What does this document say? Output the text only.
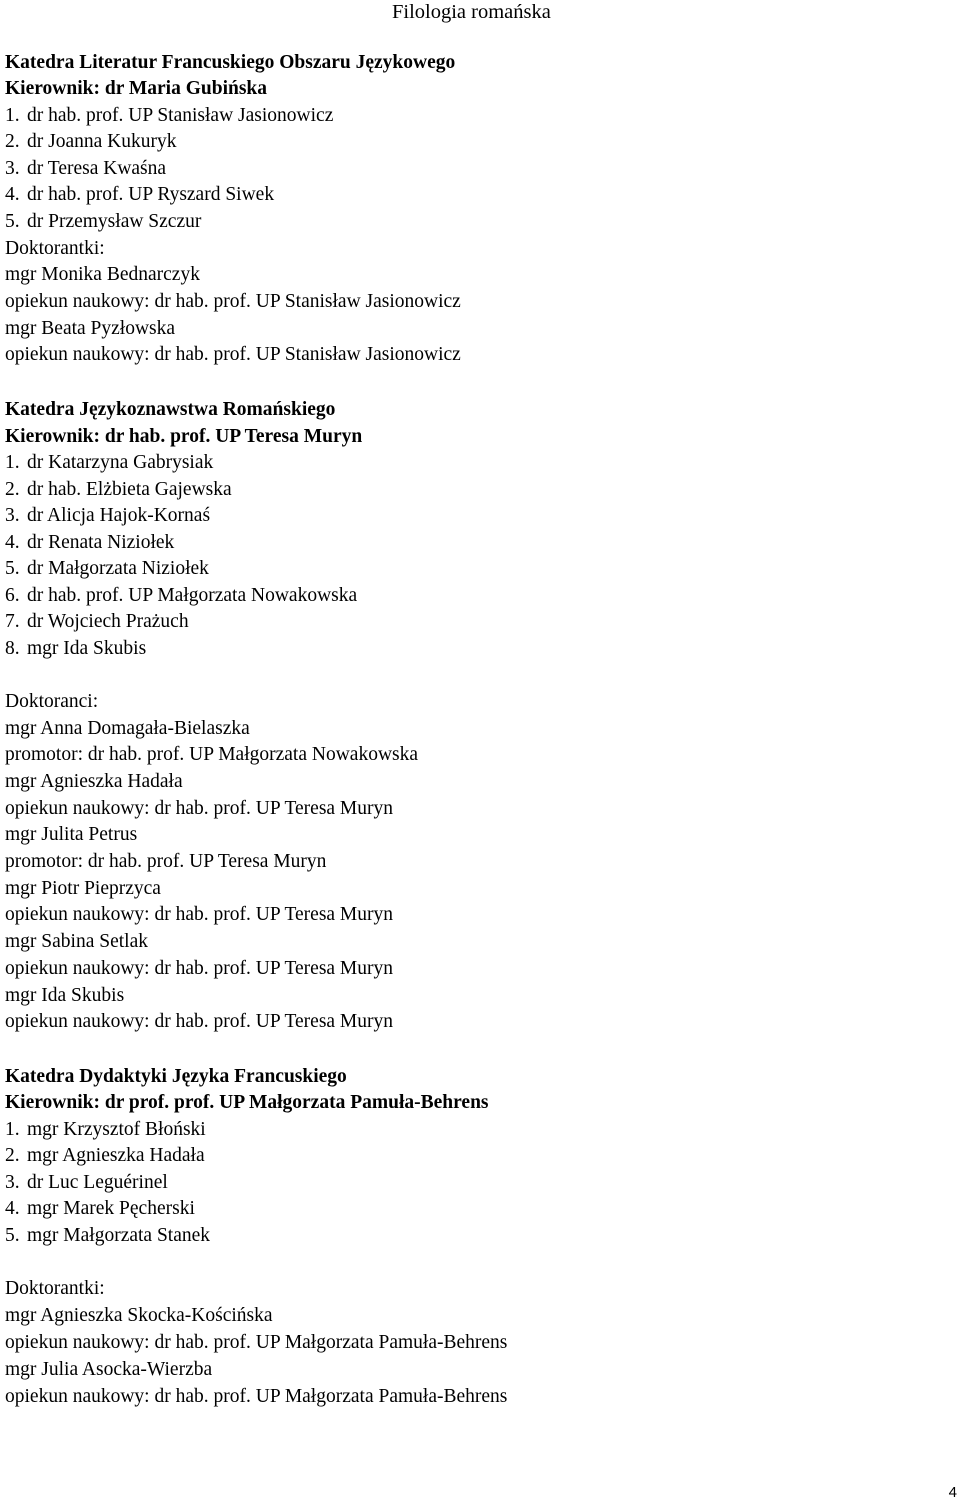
Filologia romańska
Katedra Literatur Francuskiego Obszaru Językowego
Kierownik: dr Maria Gubińska
1. dr hab. prof. UP Stanisław Jasionowicz
2. dr Joanna Kukuryk
3. dr Teresa Kwaśna
4. dr hab. prof. UP Ryszard Siwek
5. dr Przemysław Szczur
Doktorantki:
mgr Monika Bednarczyk
opiekun naukowy: dr hab. prof. UP Stanisław Jasionowicz
mgr Beata Pyzłowska
opiekun naukowy: dr hab. prof. UP Stanisław Jasionowicz
Katedra Językoznawstwa Romańskiego
Kierownik: dr hab. prof. UP Teresa Muryn
1. dr Katarzyna Gabrysiak
2. dr hab. Elżbieta Gajewska
3. dr Alicja Hajok-Kornaś
4. dr Renata Niziołek
5. dr Małgorzata Niziołek
6. dr hab. prof. UP Małgorzata Nowakowska
7. dr Wojciech Prażuch
8. mgr Ida Skubis
Doktoranci:
mgr Anna Domagała-Bielaszka
promotor: dr hab. prof. UP Małgorzata Nowakowska
mgr Agnieszka Hadała
opiekun naukowy: dr hab. prof. UP Teresa Muryn
mgr Julita Petrus
promotor: dr hab. prof. UP Teresa Muryn
mgr Piotr Pieprzyca
opiekun naukowy: dr hab. prof. UP Teresa Muryn
mgr Sabina Setlak
opiekun naukowy: dr hab. prof. UP Teresa Muryn
mgr Ida Skubis
opiekun naukowy: dr hab. prof. UP Teresa Muryn
Katedra Dydaktyki Języka Francuskiego
Kierownik: dr prof. prof. UP Małgorzata Pamuła-Behrens
1. mgr Krzysztof Błoński
2. mgr Agnieszka Hadała
3. dr Luc Leguérinel
4. mgr Marek Pęcherski
5. mgr Małgorzata Stanek
Doktorantki:
mgr Agnieszka Skocka-Kościńska
opiekun naukowy: dr hab. prof. UP Małgorzata Pamuła-Behrens
mgr Julia Asocka-Wierzba
opiekun naukowy: dr hab. prof. UP Małgorzata Pamuła-Behrens
4
